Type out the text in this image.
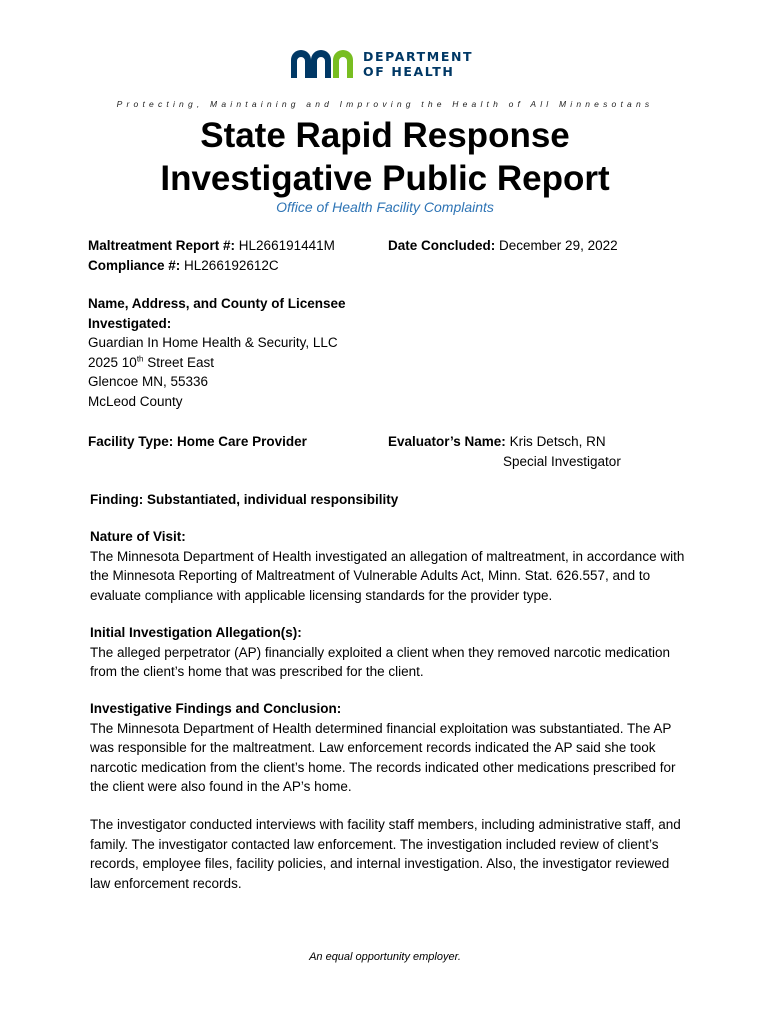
DEPARTMENT
OF HEALTH
Protecting, Maintaining and Improving the Health of All Minnesotans
State Rapid Response
Investigative Public Report
Office of Health Facility Complaints
Maltreatment Report #: HL266191441M
Compliance #: HL266192612C
Date Concluded: December 29, 2022
Name, Address, and County of Licensee
Investigated:
Guardian In Home Health & Security, LLC
2025 10th Street East
Glencoe MN, 55336
McLeod County
Facility Type: Home Care Provider	Evaluator’s Name: Kris Detsch, RN
Special Investigator
Finding: Substantiated, individual responsibility
Nature of Visit:
The Minnesota Department of Health investigated an allegation of maltreatment, in accordance with the Minnesota Reporting of Maltreatment of Vulnerable Adults Act, Minn. Stat. 626.557, and to evaluate compliance with applicable licensing standards for the provider type.
Initial Investigation Allegation(s):
The alleged perpetrator (AP) financially exploited a client when they removed narcotic medication from the client’s home that was prescribed for the client.
Investigative Findings and Conclusion:
The Minnesota Department of Health determined financial exploitation was substantiated. The AP was responsible for the maltreatment. Law enforcement records indicated the AP said she took narcotic medication from the client’s home. The records indicated other medications prescribed for the client were also found in the AP’s home.
The investigator conducted interviews with facility staff members, including administrative staff, and family. The investigator contacted law enforcement. The investigation included review of client’s records, employee files, facility policies, and internal investigation. Also, the investigator reviewed law enforcement records.
An equal opportunity employer.
